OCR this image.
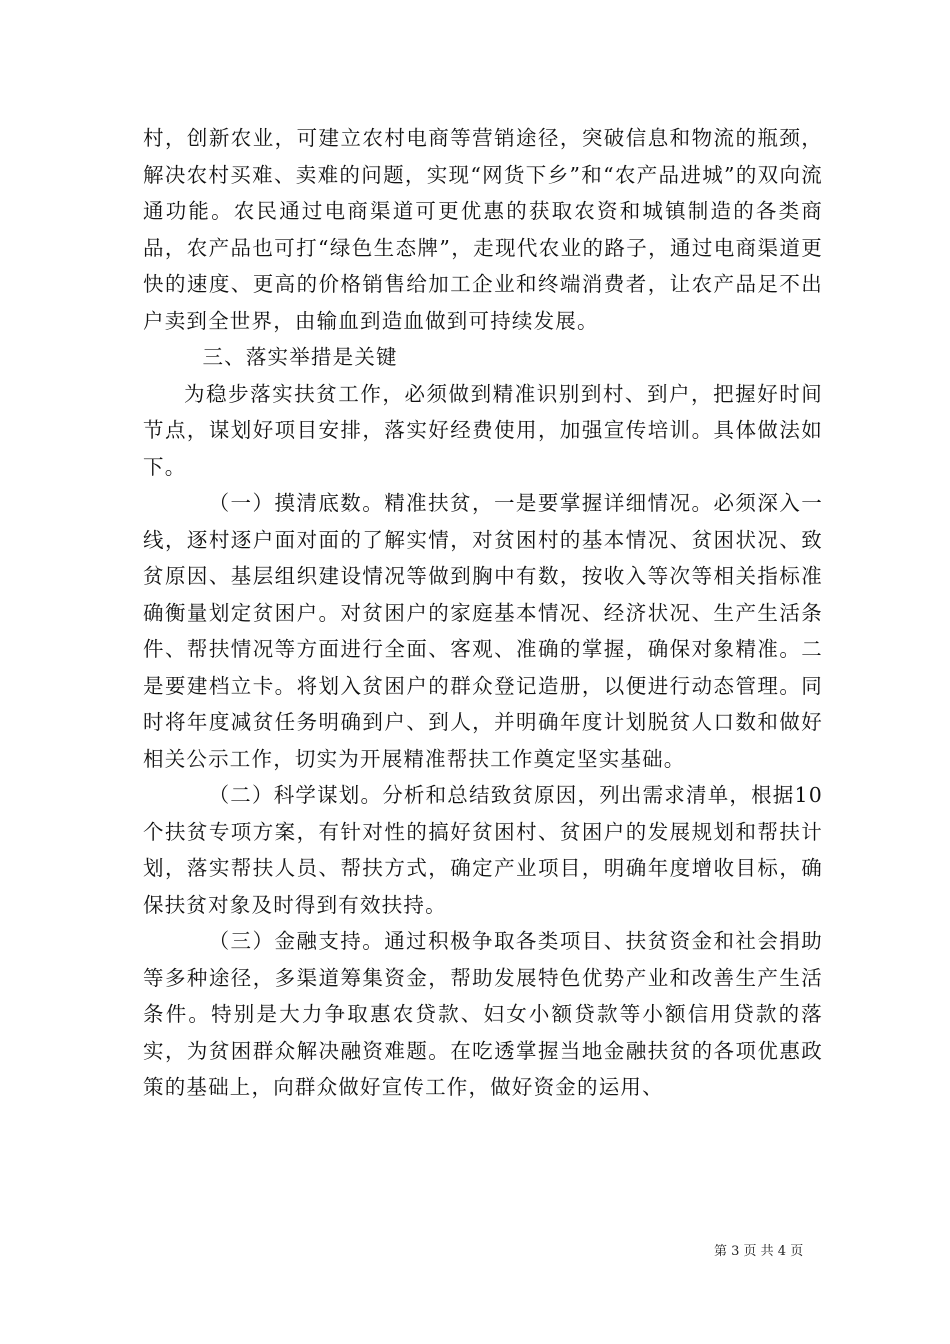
村，创新农业，可建立农村电商等营销途径，突破信息和物流的瓶颈，解决农村买难、卖难的问题，实现“网货下乡”和“农产品进城”的双向流通功能。农民通过电商渠道可更优惠的获取农资和城镇制造的各类商品，农产品也可打“绿色生态牌”，走现代农业的路子，通过电商渠道更快的速度、更高的价格销售给加工企业和终端消费者，让农产品足不出户卖到全世界，由输血到造血做到可持续发展。

三、落实举措是关键

为稳步落实扶贫工作，必须做到精准识别到村、到户，把握好时间节点，谋划好项目安排，落实好经费使用，加强宣传培训。具体做法如下。

（一）摸清底数。精准扶贫，一是要掌握详细情况。必须深入一线，逐村逐户面对面的了解实情，对贫困村的基本情况、贫困状况、致贫原因、基层组织建设情况等做到胸中有数，按收入等次等相关指标准确衡量划定贫困户。对贫困户的家庭基本情况、经济状况、生产生活条件、帮扶情况等方面进行全面、客观、准确的掌握，确保对象精准。二是要建档立卡。将划入贫困户的群众登记造册，以便进行动态管理。同时将年度减贫任务明确到户、到人，并明确年度计划脱贫人口数和做好相关公示工作，切实为开展精准帮扶工作奠定坚实基础。

（二）科学谋划。分析和总结致贫原因，列出需求清单，根据10个扶贫专项方案，有针对性的搞好贫困村、贫困户的发展规划和帮扶计划，落实帮扶人员、帮扶方式，确定产业项目，明确年度增收目标，确保扶贫对象及时得到有效扶持。

（三）金融支持。通过积极争取各类项目、扶贫资金和社会捐助等多种途径，多渠道筹集资金，帮助发展特色优势产业和改善生产生活条件。特别是大力争取惠农贷款、妇女小额贷款等小额信用贷款的落实，为贫困群众解决融资难题。在吃透掌握当地金融扶贫的各项优惠政策的基础上，向群众做好宣传工作，做好资金的运用、

第 3 页 共 4 页
